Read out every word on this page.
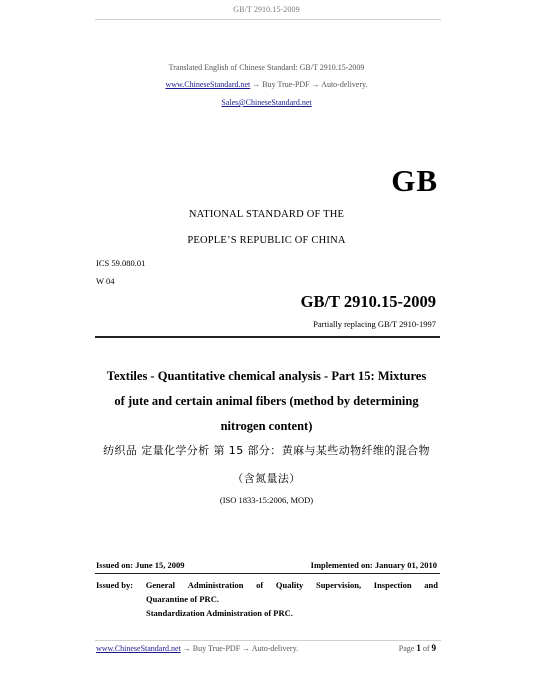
GB/T 2910.15-2009
Translated English of Chinese Standard: GB/T 2910.15-2009
www.ChineseStandard.net → Buy True-PDF → Auto-delivery.
Sales@ChineseStandard.net
GB
NATIONAL STANDARD OF THE
PEOPLE’S REPUBLIC OF CHINA
ICS 59.080.01
W 04
GB/T 2910.15-2009
Partially replacing GB/T 2910-1997
Textiles - Quantitative chemical analysis - Part 15: Mixtures
of jute and certain animal fibers (method by determining
nitrogen content)
纺织品 定量化学分析 第 15 部分：黄麻与某些动物纤维的混合物
（含氮量法）
(ISO 1833-15:2006, MOD)
Issued on: June 15, 2009	Implemented on: January 01, 2010
Issued by: General Administration of Quality Supervision, Inspection and
Quarantine of PRC.
Standardization Administration of PRC.
www.ChineseStandard.net → Buy True-PDF → Auto-delivery.	Page 1 of 9
